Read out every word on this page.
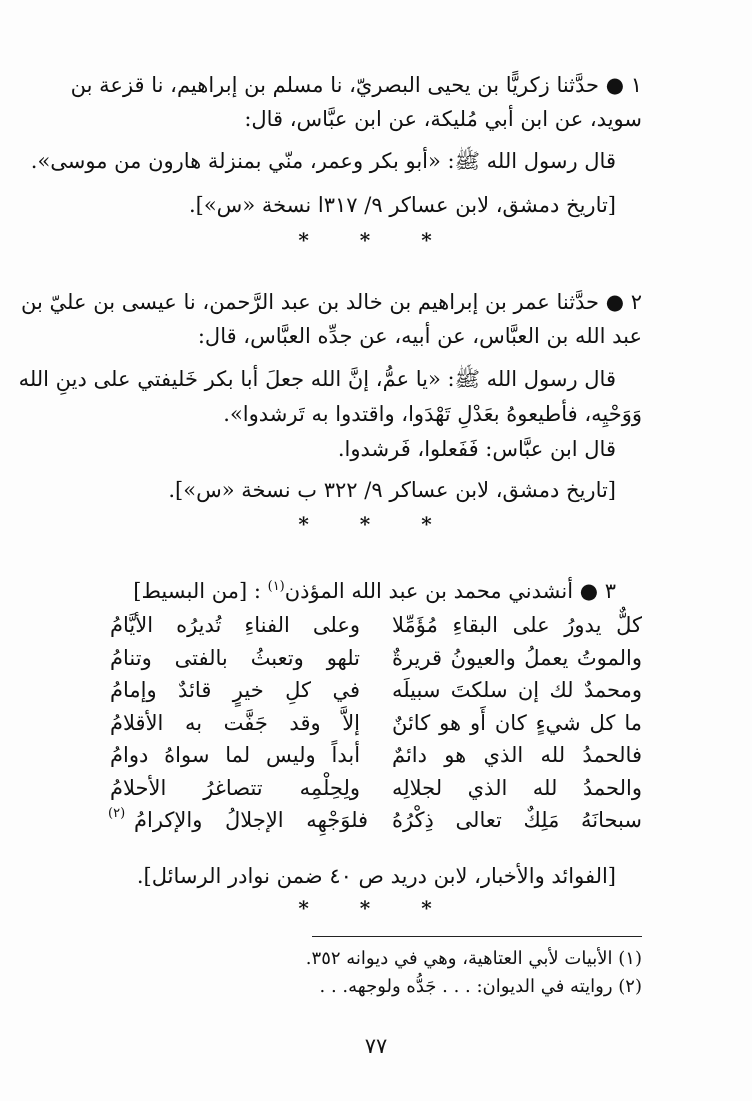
١ ● حدَّثنا زكريًّا بن يحيى البصريّ، نا مسلم بن إبراهيم، نا قزعة بن
سويد، عن ابن أبي مُليكة، عن ابن عبَّاس، قال:
قال رسول الله ﷺ: «أبو بكر وعمر، منّي بمنزلة هارون من موسى».
[تاريخ دمشق، لابن عساكر ٩/ ٣١٧ا نسخة «س»].
* * *
٢ ● حدَّثنا عمر بن إبراهيم بن خالد بن عبد الرَّحمن، نا عيسى بن عليّ بن
عبد الله بن العبَّاس، عن أبيه، عن جدِّه العبَّاس، قال:
قال رسول الله ﷺ: «يا عمُّ، إنَّ الله جعلَ أبا بكر خَليفتي على دينِ الله
وَوَحْيِه، فأطيعوهُ بعَدْلِ تَهْدَوا، واقتدوا به تَرشدوا».
قال ابن عبَّاس: فَفَعلوا، فَرشدوا.
[تاريخ دمشق، لابن عساكر ٩/ ٣٢٢ ب نسخة «س»].
* * *
٣ ● أنشدني محمد بن عبد الله المؤذن$^{(١)}$ : [من البسيط]
كلٌّ يدورُ على البقاءِ مُؤَمِّلا
وعلى الفناءِ تُديرُه الأيَّامُ
والموتُ يعملُ والعيونُ قريرةٌ
تلهو وتعبثُ بالفتى وتنامُ
ومحمدٌ لك إن سلكتَ سبيلَه
في كلِ خيرٍ قائدٌ وإمامُ
ما كل شيءٍ كان أَو هو كائنٌ
إلاَّ وقد جَفَّت به الأقلامُ
فالحمدُ لله الذي هو دائمٌ
أبداً وليس لما سواهُ دوامُ
والحمدُ لله الذي لجلالِه
ولِحِلْمِه تتصاغرُ الأحلامُ
سبحانَهُ مَلِكٌ تعالى ذِكْرُهُ
فلوَجْهِه الإجلالُ والإكرامُ
(٢)
[الفوائد والأخبار، لابن دريد ص ٤٠ ضمن نوادر الرسائل].
* * *
(١) الأبيات لأبي العتاهية، وهي في ديوانه ٣٥٢.
(٢) روايته في الديوان: . . . جَدُّه ولوجهه. . .
٧٧
